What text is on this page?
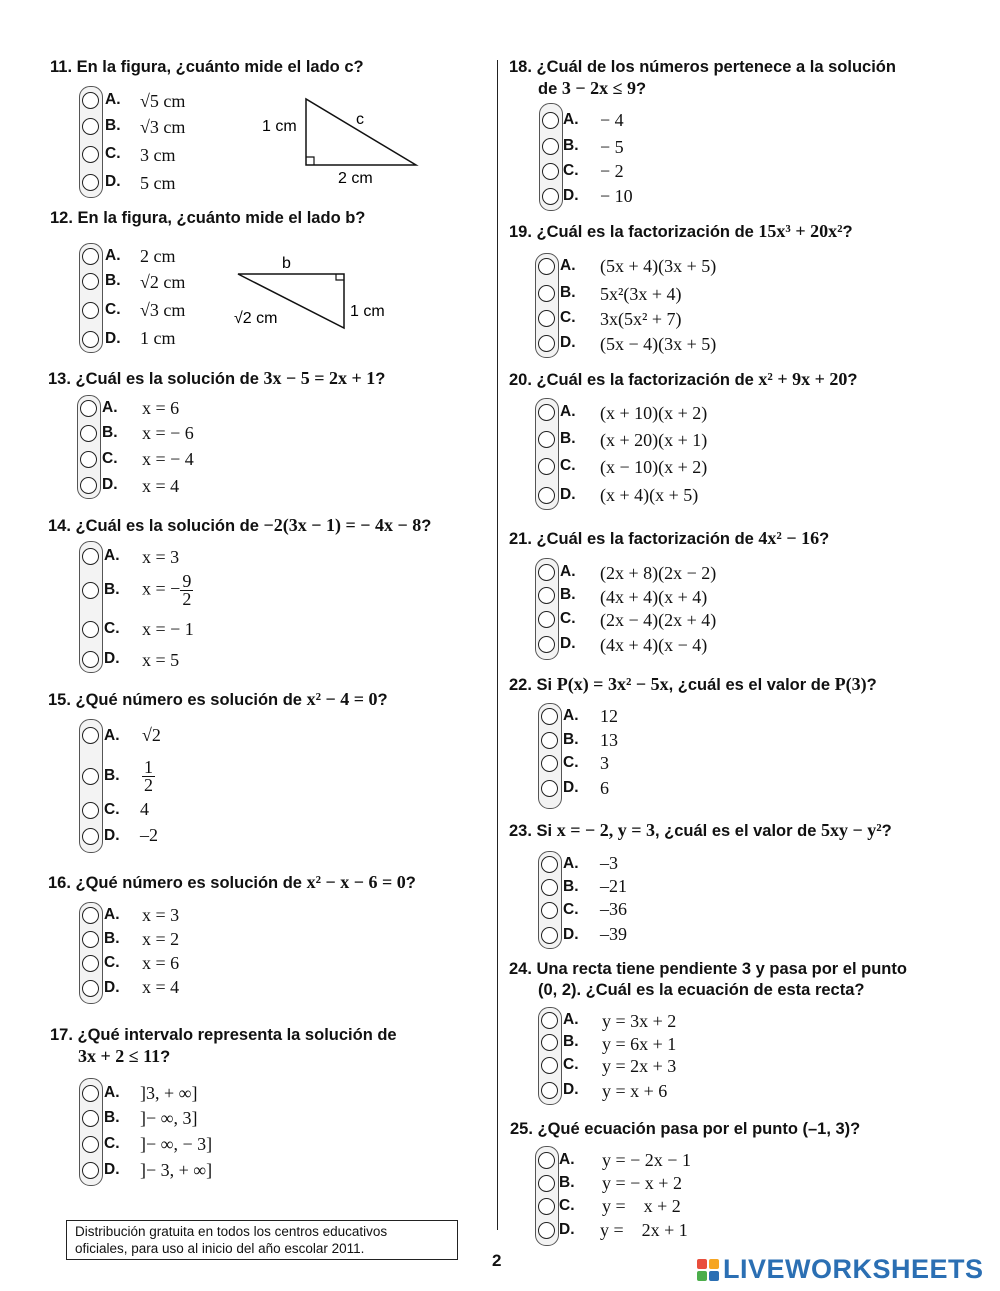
11. En la figura, ¿cuánto mide el lado c?
A. √5 cm
B. √3 cm
C. 3 cm
D. 5 cm
1 cm	c
2 cm
12. En la figura, ¿cuánto mide el lado b?
A. 2 cm
B. √2 cm
C. √3 cm
D. 1 cm
b
1 cm
√2 cm
13. ¿Cuál es la solución de 3x − 5 = 2x + 1?
A. x = 6
B. x = − 6
C. x = − 4
D. x = 4
14. ¿Cuál es la solución de −2(3x − 1) = − 4x − 8?
A. x = 3
B. x = − $\frac{9}{2}$
C. x = − 1
D. x = 5
15. ¿Qué número es solución de x² − 4 = 0?
A. √2
B. $\frac{1}{2}$
C. 4
D. –2
16. ¿Qué número es solución de x² − x − 6 = 0?
A. x = 3
B. x = 2
C. x = 6
D. x = 4
17. ¿Qué intervalo representa la solución de
3x + 2 ≤ 11?
A. ]3, + ∞]
B. ]− ∞, 3]
C. ]− ∞, − 3]
D. ]− 3, + ∞]
18. ¿Cuál de los números pertenece a la solución
de 3 − 2x ≤ 9?
A. − 4
B. − 5
C. − 2
D. − 10
19. ¿Cuál es la factorización de 15x³ + 20x²?
A. (5x + 4)(3x + 5)
B. 5x²(3x + 4)
C. 3x(5x² + 7)
D. (5x − 4)(3x + 5)
20. ¿Cuál es la factorización de x² + 9x + 20?
A. (x + 10)(x + 2)
B. (x + 20)(x + 1)
C. (x − 10)(x + 2)
D. (x + 4)(x + 5)
21. ¿Cuál es la factorización de 4x² − 16?
A. (2x + 8)(2x − 2)
B. (4x + 4)(x + 4)
C. (2x − 4)(2x + 4)
D. (4x + 4)(x − 4)
22. Si P(x) = 3x² − 5x, ¿cuál es el valor de P(3)?
A. 12
B. 13
C. 3
D. 6
23. Si x = − 2, y = 3, ¿cuál es el valor de 5xy − y²?
A. –3
B. –21
C. –36
D. –39
24. Una recta tiene pendiente 3 y pasa por el punto
(0, 2). ¿Cuál es la ecuación de esta recta?
A. y = 3x + 2
B. y = 6x + 1
C. y = 2x + 3
D. y = x + 6
25. ¿Qué ecuación pasa por el punto (–1, 3)?
A. y = − 2x − 1
B. y = − x + 2
C. y =    x + 2
D. y =    2x + 1
Distribución gratuita en todos los centros educativos
oficiales, para uso al inicio del año escolar 2011.
2	LIVEWORKSHEETS
